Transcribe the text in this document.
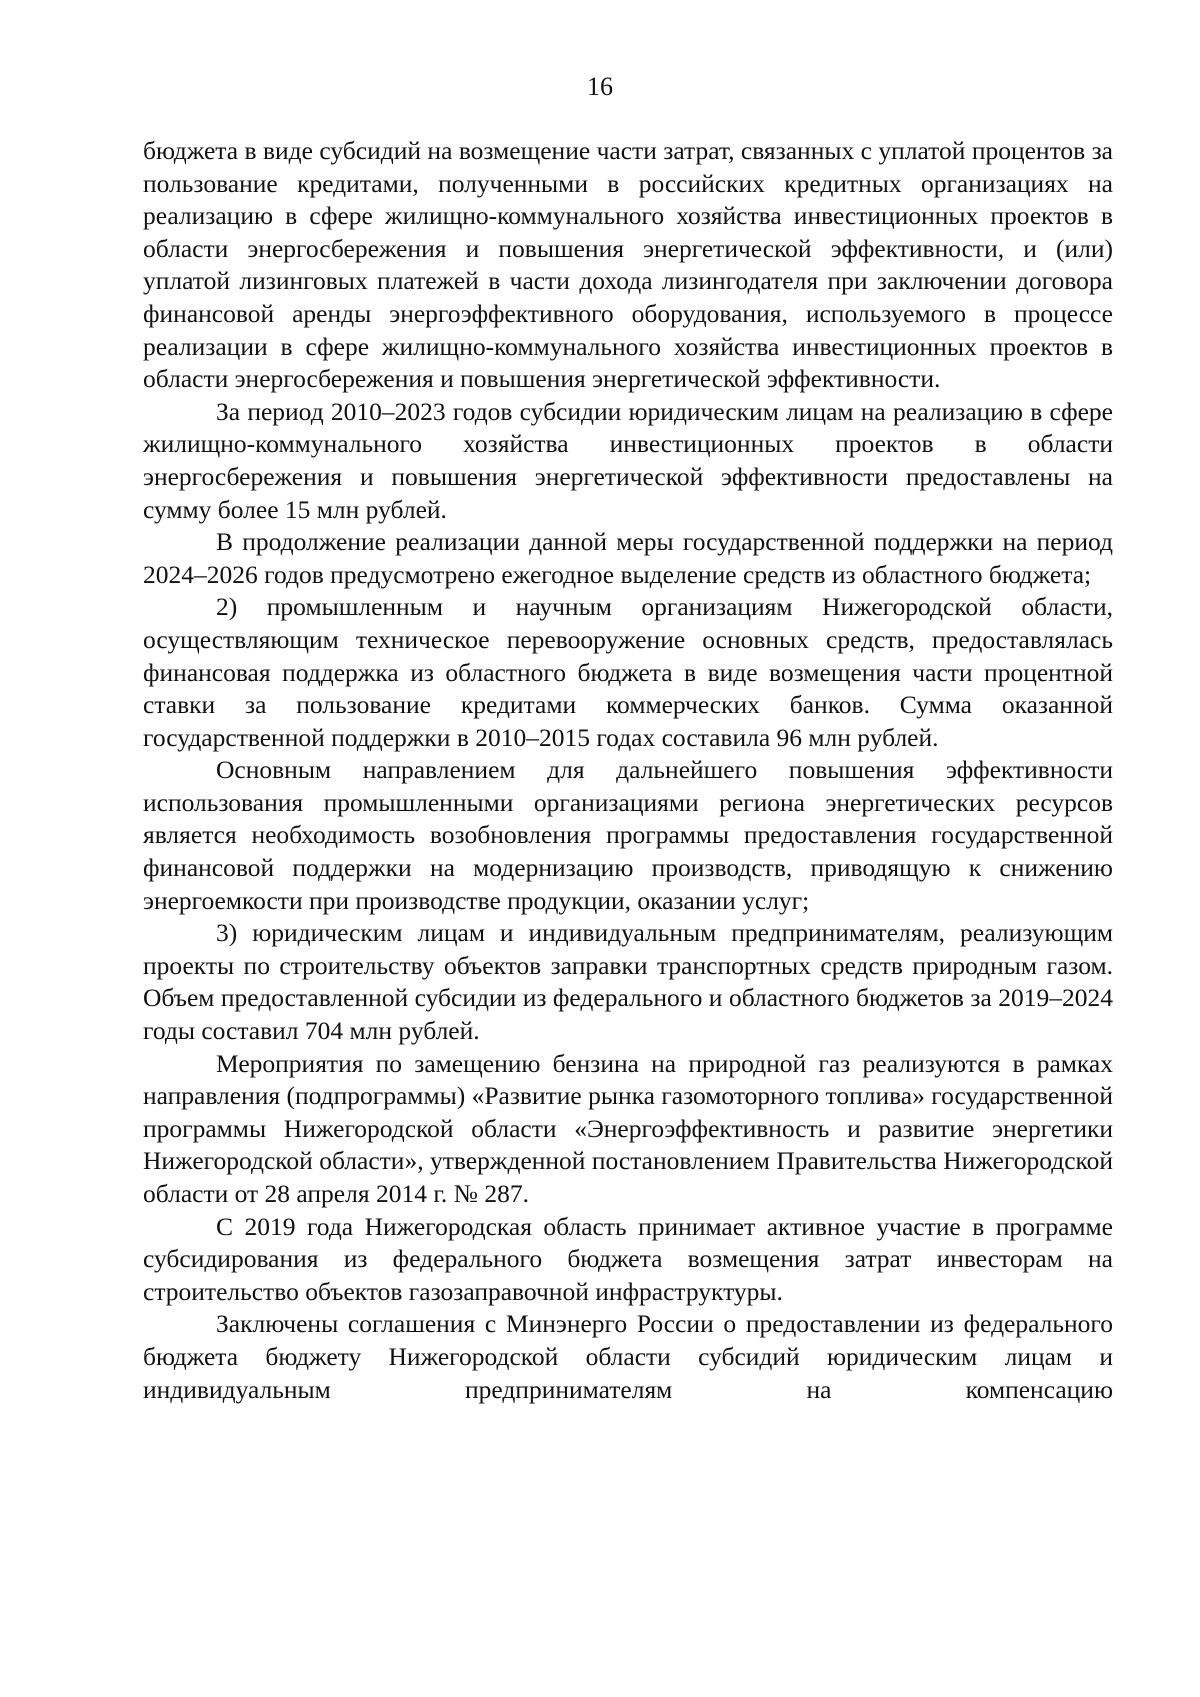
16

бюджета в виде субсидий на возмещение части затрат, связанных с уплатой процентов за пользование кредитами, полученными в российских кредитных организациях на реализацию в сфере жилищно-коммунального хозяйства инвестиционных проектов в области энергосбережения и повышения энергетической эффективности, и (или) уплатой лизинговых платежей в части дохода лизингодателя при заключении договора финансовой аренды энергоэффективного оборудования, используемого в процессе реализации в сфере жилищно-коммунального хозяйства инвестиционных проектов в области энергосбережения и повышения энергетической эффективности.

За период 2010–2023 годов субсидии юридическим лицам на реализацию в сфере жилищно-коммунального хозяйства инвестиционных проектов в области энергосбережения и повышения энергетической эффективности предоставлены на сумму более 15 млн рублей.

В продолжение реализации данной меры государственной поддержки на период 2024–2026 годов предусмотрено ежегодное выделение средств из областного бюджета;

2) промышленным и научным организациям Нижегородской области, осуществляющим техническое перевооружение основных средств, предоставлялась финансовая поддержка из областного бюджета в виде возмещения части процентной ставки за пользование кредитами коммерческих банков. Сумма оказанной государственной поддержки в 2010–2015 годах составила 96 млн рублей.

Основным направлением для дальнейшего повышения эффективности использования промышленными организациями региона энергетических ресурсов является необходимость возобновления программы предоставления государственной финансовой поддержки на модернизацию производств, приводящую к снижению энергоемкости при производстве продукции, оказании услуг;

3) юридическим лицам и индивидуальным предпринимателям, реализующим проекты по строительству объектов заправки транспортных средств природным газом. Объем предоставленной субсидии из федерального и областного бюджетов за 2019–2024 годы составил 704 млн рублей.

Мероприятия по замещению бензина на природной газ реализуются в рамках направления (подпрограммы) «Развитие рынка газомоторного топлива» государственной программы Нижегородской области «Энергоэффективность и развитие энергетики Нижегородской области», утвержденной постановлением Правительства Нижегородской области от 28 апреля 2014 г. № 287.

С 2019 года Нижегородская область принимает активное участие в программе субсидирования из федерального бюджета возмещения затрат инвесторам на строительство объектов газозаправочной инфраструктуры.

Заключены соглашения с Минэнерго России о предоставлении из федерального бюджета бюджету Нижегородской области субсидий юридическим лицам и индивидуальным предпринимателям на компенсацию
